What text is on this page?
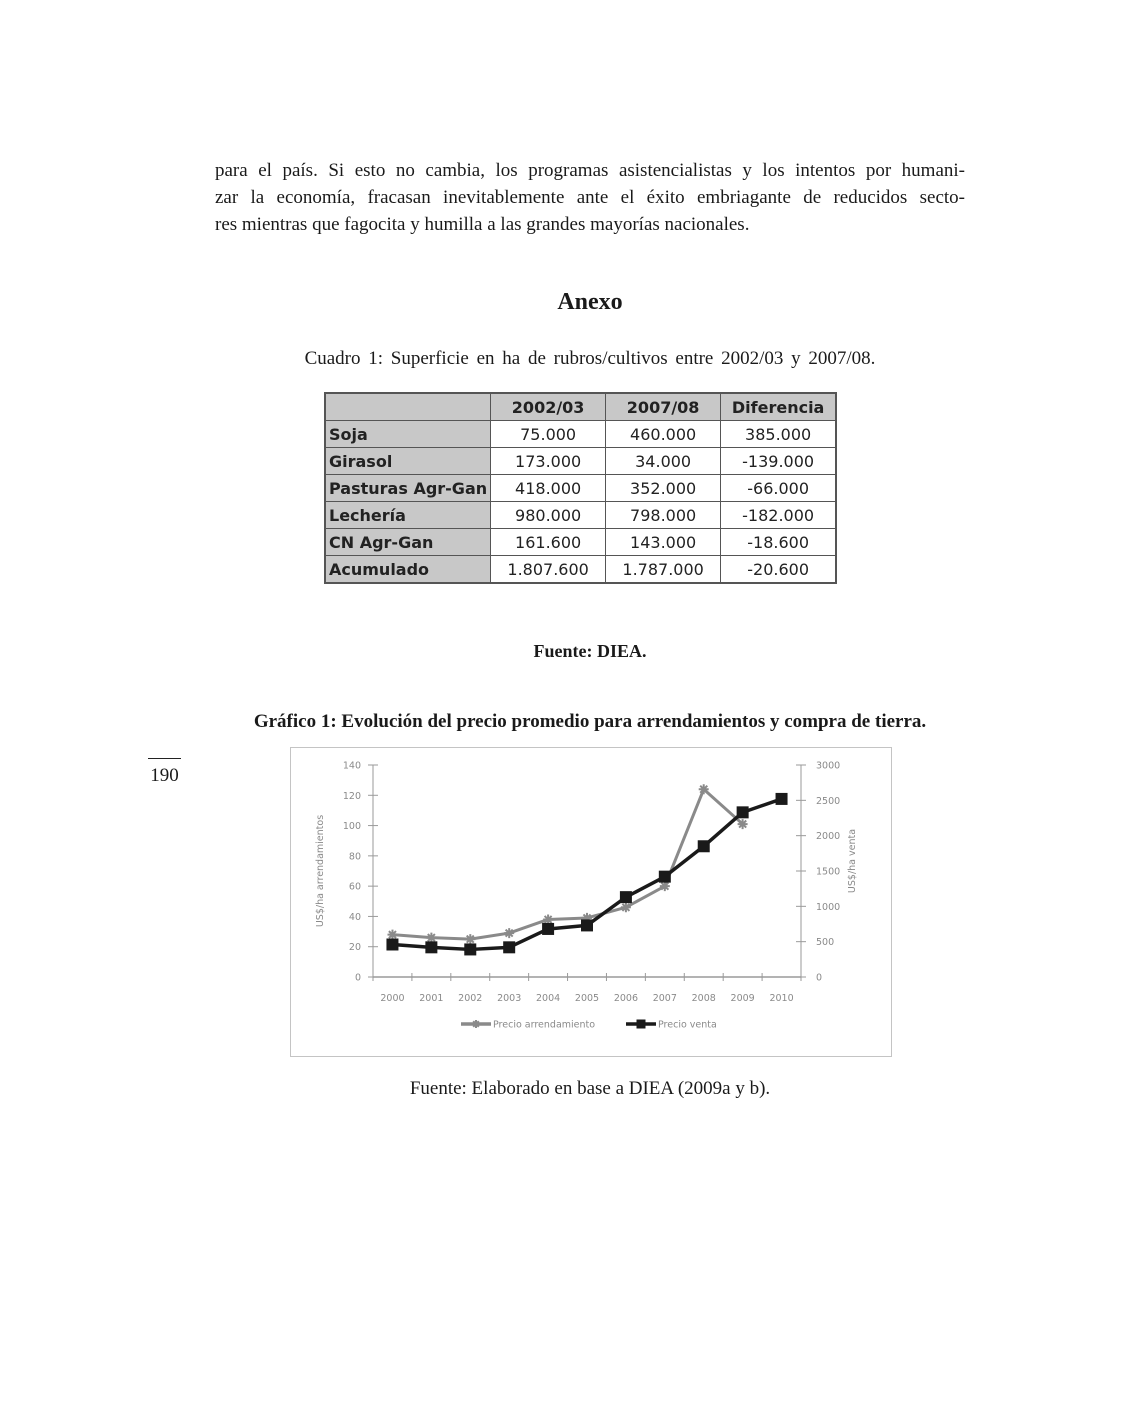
para el país. Si esto no cambia, los programas asistencialistas y los intentos por humani-
zar la economía, fracasan inevitablemente ante el éxito embriagante de reducidos secto-
res mientras que fagocita y humilla a las grandes mayorías nacionales.
Anexo
Cuadro 1: Superficie en ha de rubros/cultivos entre 2002/03 y 2007/08.
	2002/03	2007/08	Diferencia
Soja	75.000	460.000	385.000
Girasol	173.000	34.000	-139.000
Pasturas Agr-Gan	418.000	352.000	-66.000
Lechería	980.000	798.000	-182.000
CN Agr-Gan	161.600	143.000	-18.600
Acumulado	1.807.600	1.787.000	-20.600
Fuente: DIEA.
Gráfico 1: Evolución del precio promedio para arrendamientos y compra de tierra.
190
0
20
40
60
80
100
120
140
0
500
1000
1500
2000
2500
3000
2000 2001 2002 2003 2004 2005 2006 2007 2008 2009 2010
US$/ha arrendamientos	US$/ha venta
Precio arrendamiento	Precio venta
Fuente: Elaborado en base a DIEA (2009a y b).
